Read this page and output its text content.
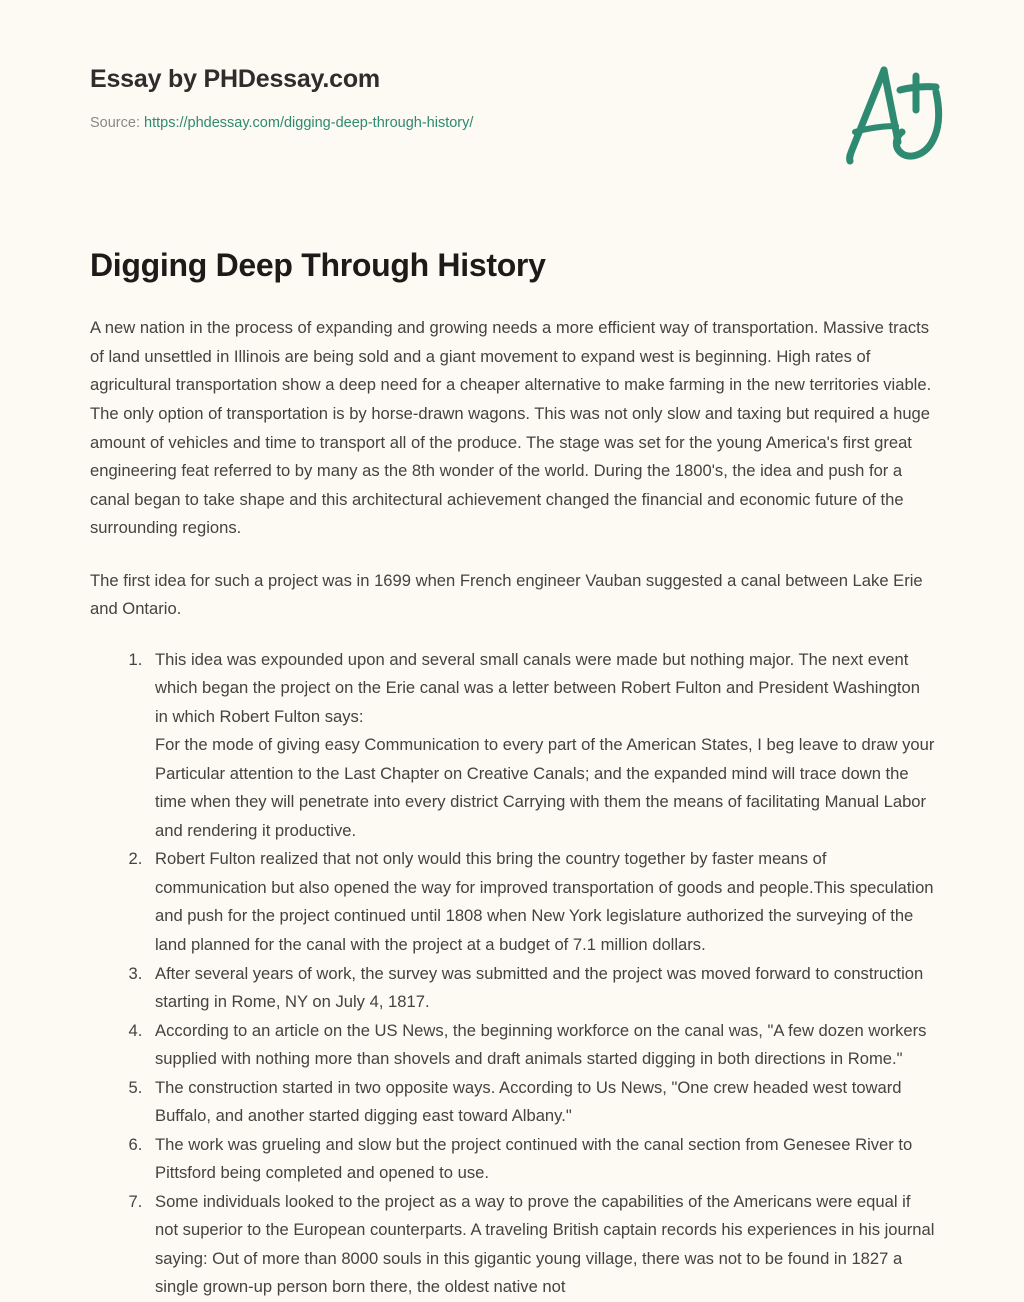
Essay by PHDessay.com
Source: https://phdessay.com/digging-deep-through-history/
Digging Deep Through History

A new nation in the process of expanding and growing needs a more efficient way of transportation. Massive tracts of land unsettled in Illinois are being sold and a giant movement to expand west is beginning. High rates of agricultural transportation show a deep need for a cheaper alternative to make farming in the new territories viable. The only option of transportation is by horse-drawn wagons. This was not only slow and taxing but required a huge amount of vehicles and time to transport all of the produce. The stage was set for the young America's first great engineering feat referred to by many as the 8th wonder of the world. During the 1800's, the idea and push for a canal began to take shape and this architectural achievement changed the financial and economic future of the surrounding regions.

The first idea for such a project was in 1699 when French engineer Vauban suggested a canal between Lake Erie and Ontario.

1. This idea was expounded upon and several small canals were made but nothing major. The next event which began the project on the Erie canal was a letter between Robert Fulton and President Washington in which Robert Fulton says:
For the mode of giving easy Communication to every part of the American States, I beg leave to draw your Particular attention to the Last Chapter on Creative Canals; and the expanded mind will trace down the time when they will penetrate into every district Carrying with them the means of facilitating Manual Labor and rendering it productive.
2. Robert Fulton realized that not only would this bring the country together by faster means of communication but also opened the way for improved transportation of goods and people.This speculation and push for the project continued until 1808 when New York legislature authorized the surveying of the land planned for the canal with the project at a budget of 7.1 million dollars.
3. After several years of work, the survey was submitted and the project was moved forward to construction starting in Rome, NY on July 4, 1817.
4. According to an article on the US News, the beginning workforce on the canal was, "A few dozen workers supplied with nothing more than shovels and draft animals started digging in both directions in Rome."
5. The construction started in two opposite ways. According to Us News, "One crew headed west toward Buffalo, and another started digging east toward Albany."
6. The work was grueling and slow but the project continued with the canal section from Genesee River to Pittsford being completed and opened to use.
7. Some individuals looked to the project as a way to prove the capabilities of the Americans were equal if not superior to the European counterparts. A traveling British captain records his experiences in his journal saying: Out of more than 8000 souls in this gigantic young village, there was not to be found in 1827 a single grown-up person born there, the oldest native not
